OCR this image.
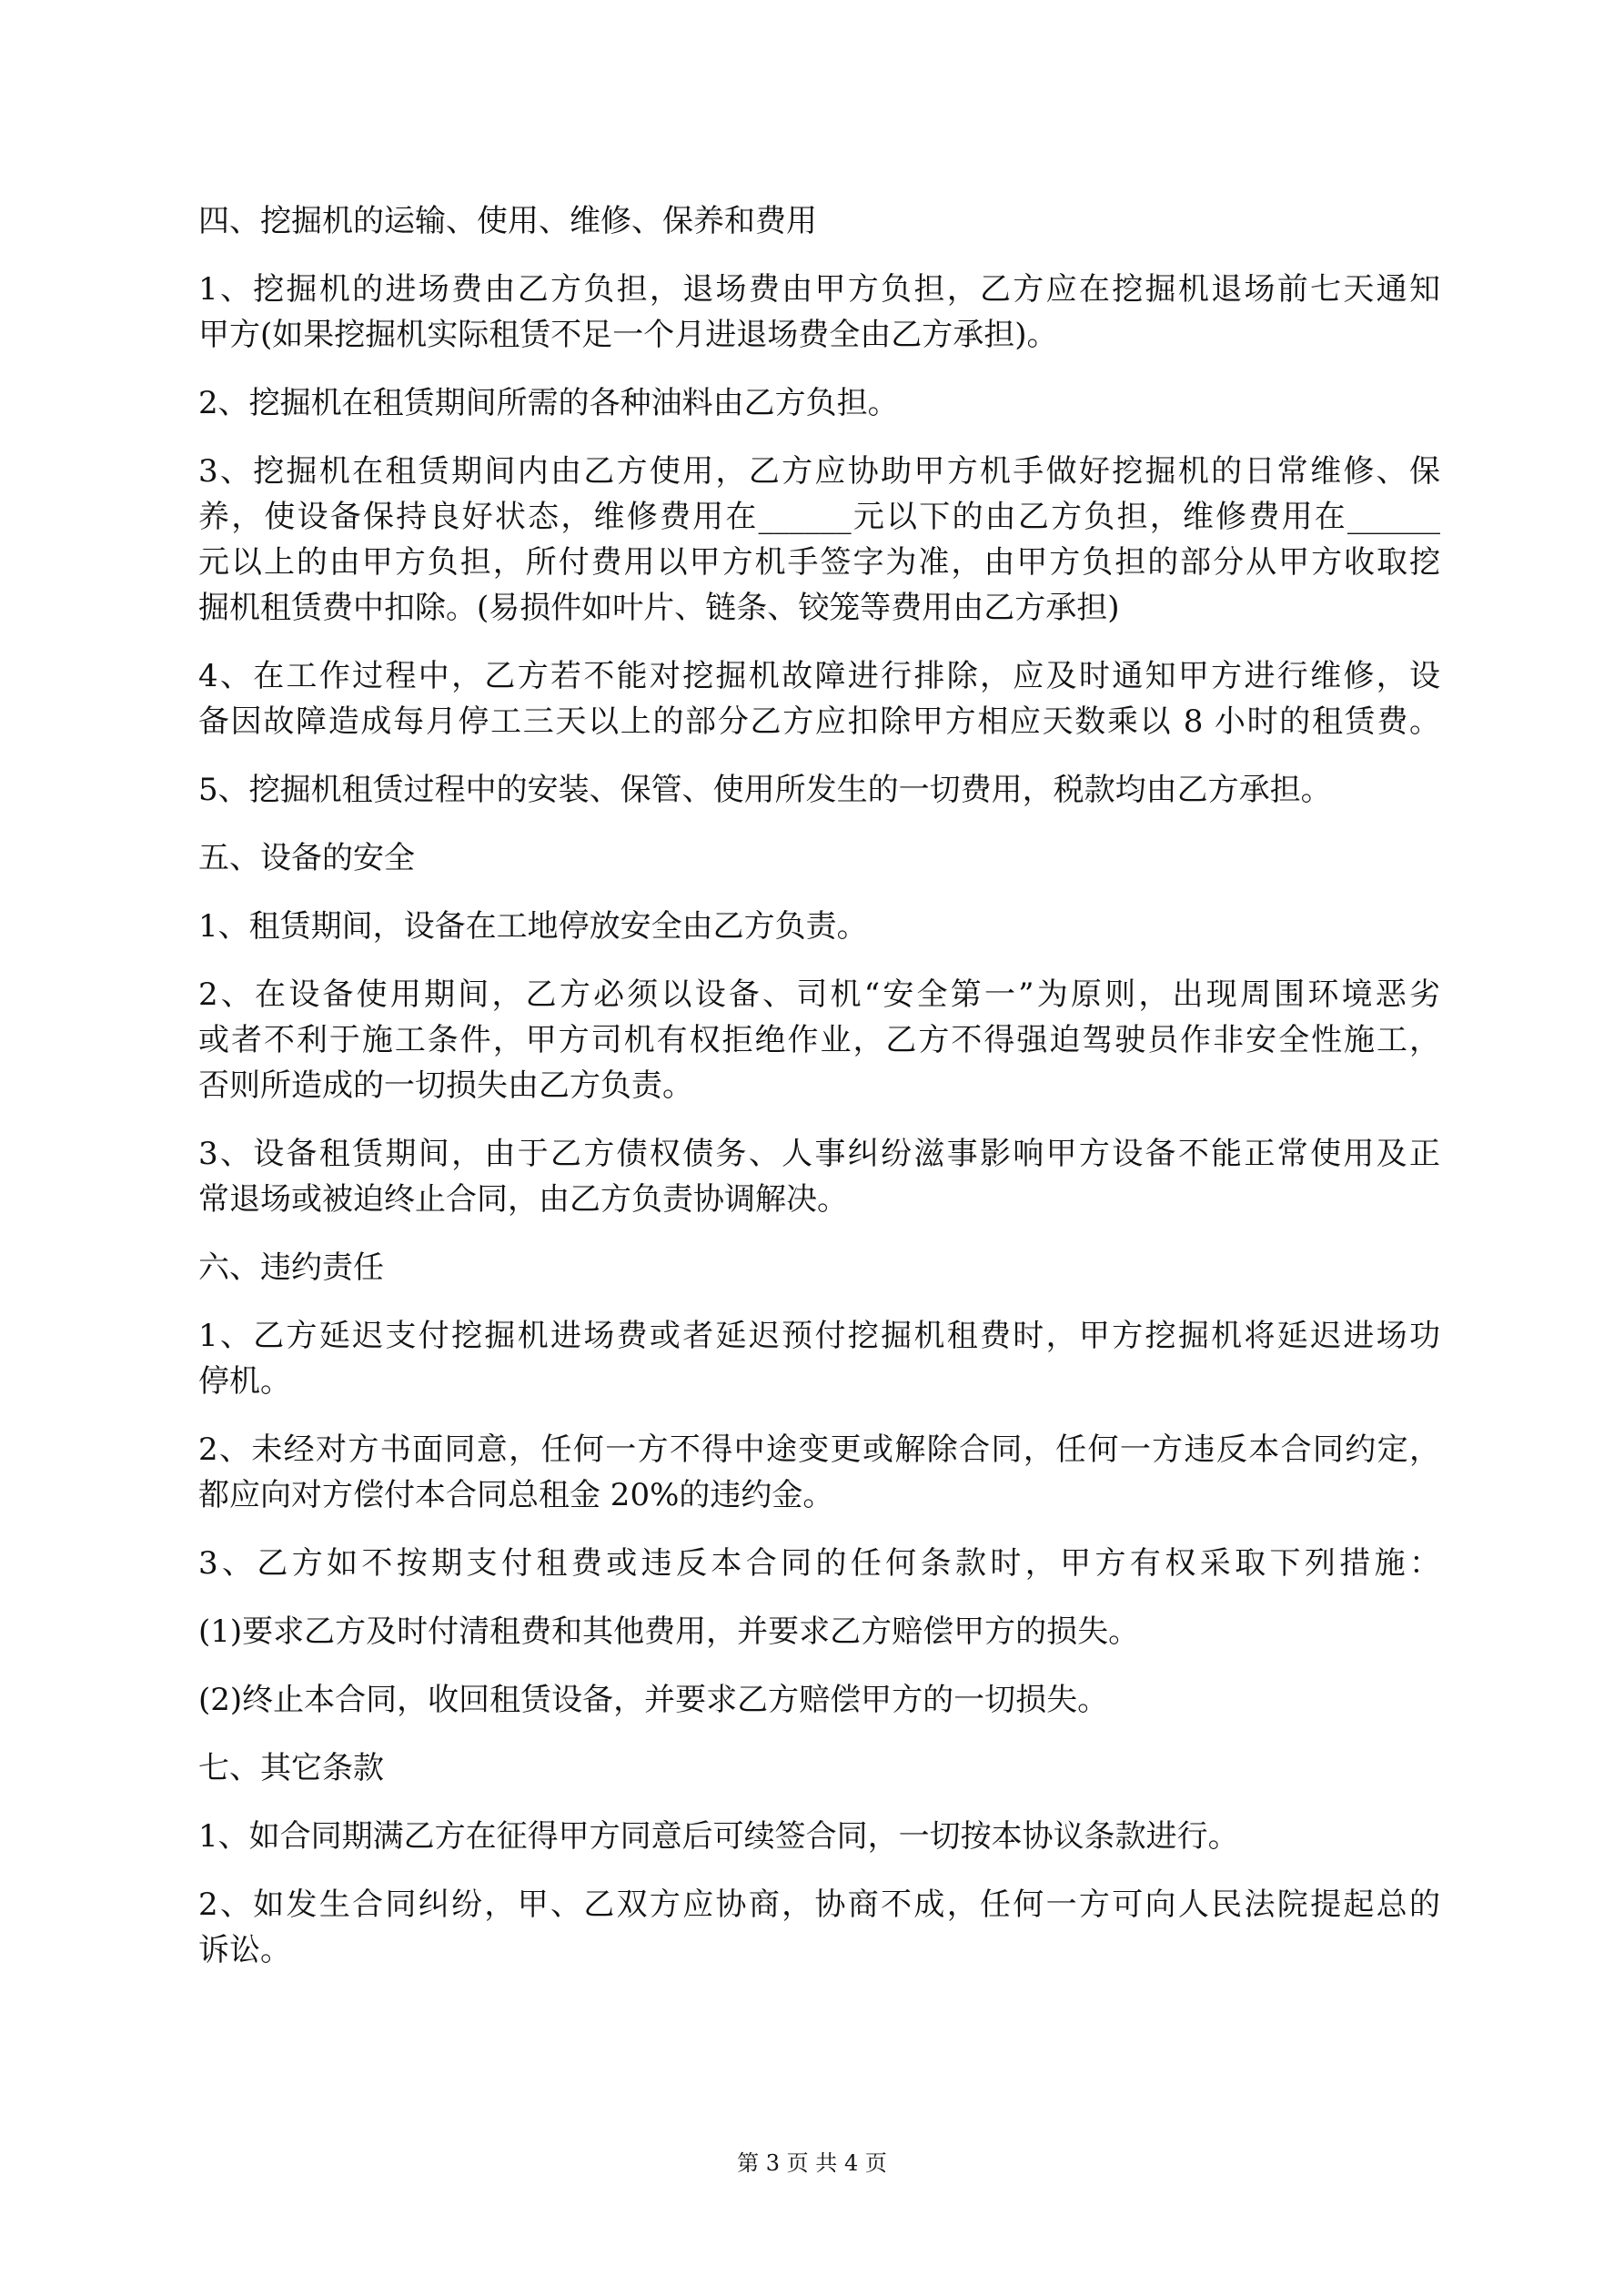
四、挖掘机的运输、使用、维修、保养和费用

1、挖掘机的进场费由乙方负担，退场费由甲方负担，乙方应在挖掘机退场前七天通知

甲方(如果挖掘机实际租赁不足一个月进退场费全由乙方承担)。

2、挖掘机在租赁期间所需的各种油料由乙方负担。

3、挖掘机在租赁期间内由乙方使用，乙方应协助甲方机手做好挖掘机的日常维修、保

养，使设备保持良好状态，维修费用在______元以下的由乙方负担，维修费用在______

元以上的由甲方负担，所付费用以甲方机手签字为准，由甲方负担的部分从甲方收取挖

掘机租赁费中扣除。(易损件如叶片、链条、铰笼等费用由乙方承担)

4、在工作过程中，乙方若不能对挖掘机故障进行排除，应及时通知甲方进行维修，设

备因故障造成每月停工三天以上的部分乙方应扣除甲方相应天数乘以 8 小时的租赁费。

5、挖掘机租赁过程中的安装、保管、使用所发生的一切费用，税款均由乙方承担。

五、设备的安全

1、租赁期间，设备在工地停放安全由乙方负责。

2、在设备使用期间，乙方必须以设备、司机“安全第一”为原则，出现周围环境恶劣

或者不利于施工条件，甲方司机有权拒绝作业，乙方不得强迫驾驶员作非安全性施工，

否则所造成的一切损失由乙方负责。

3、设备租赁期间，由于乙方债权债务、人事纠纷滋事影响甲方设备不能正常使用及正

常退场或被迫终止合同，由乙方负责协调解决。

六、违约责任

1、乙方延迟支付挖掘机进场费或者延迟预付挖掘机租费时，甲方挖掘机将延迟进场功

停机。

2、未经对方书面同意，任何一方不得中途变更或解除合同，任何一方违反本合同约定，

都应向对方偿付本合同总租金 20%的违约金。

3、乙方如不按期支付租费或违反本合同的任何条款时，甲方有权采取下列措施：

(1)要求乙方及时付清租费和其他费用，并要求乙方赔偿甲方的损失。

(2)终止本合同，收回租赁设备，并要求乙方赔偿甲方的一切损失。

七、其它条款

1、如合同期满乙方在征得甲方同意后可续签合同，一切按本协议条款进行。

2、如发生合同纠纷，甲、乙双方应协商，协商不成，任何一方可向人民法院提起总的

诉讼。

第 3 页 共 4 页
